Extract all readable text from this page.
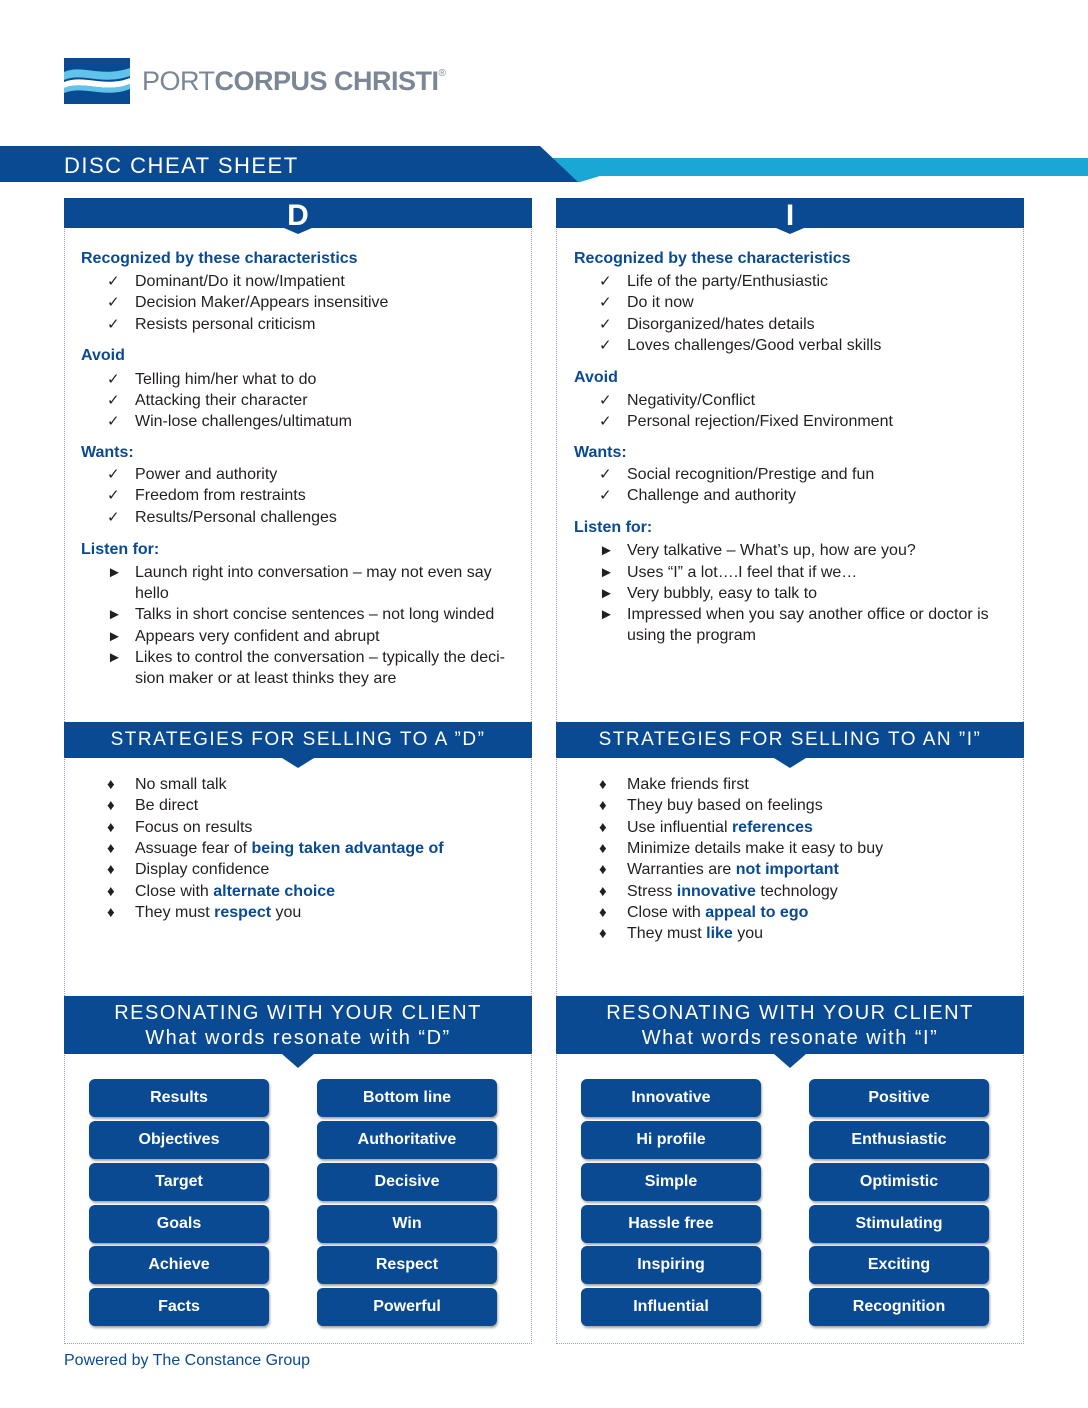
PORTCORPUS CHRISTI®
DISC CHEAT SHEET
D
Recognized by these characteristics
✓ Dominant/Do it now/Impatient
✓ Decision Maker/Appears insensitive
✓ Resists personal criticism
Avoid
✓ Telling him/her what to do
✓ Attacking their character
✓ Win-lose challenges/ultimatum
Wants:
✓ Power and authority
✓ Freedom from restraints
✓ Results/Personal challenges
Listen for:
► Launch right into conversation – may not even say hello
► Talks in short concise sentences – not long winded
► Appears very confident and abrupt
► Likes to control the conversation – typically the deci-sion maker or at least thinks they are
STRATEGIES FOR SELLING TO A ”D”
♦	No small talk
♦	Be direct
♦	Focus on results
♦	Assuage fear of being taken advantage of
♦	Display confidence
♦	Close with alternate choice
♦	They must respect you
RESONATING WITH YOUR CLIENT
What words resonate with “D”
Results
Objectives
Target
Goals
Achieve
Facts
Bottom line
Authoritative
Decisive
Win
Respect
Powerful
I
Recognized by these characteristics
✓ Life of the party/Enthusiastic
✓ Do it now
✓ Disorganized/hates details
✓ Loves challenges/Good verbal skills
Avoid
✓ Negativity/Conflict
✓ Personal rejection/Fixed Environment
Wants:
✓ Social recognition/Prestige and fun
✓ Challenge and authority
Listen for:
► Very talkative – What’s up, how are you?
► Uses “I” a lot….I feel that if we…
► Very bubbly, easy to talk to
► Impressed when you say another office or doctor is using the program
STRATEGIES FOR SELLING TO AN ”I”
♦	Make friends first
♦	They buy based on feelings
♦	Use influential references
♦	Minimize details make it easy to buy
♦	Warranties are not important
♦	Stress innovative technology
♦	Close with appeal to ego
♦	They must like you
RESONATING WITH YOUR CLIENT
What words resonate with “I”
Innovative
Hi profile
Simple
Hassle free
Inspiring
Influential
Positive
Enthusiastic
Optimistic
Stimulating
Exciting
Recognition
Powered by The Constance Group
